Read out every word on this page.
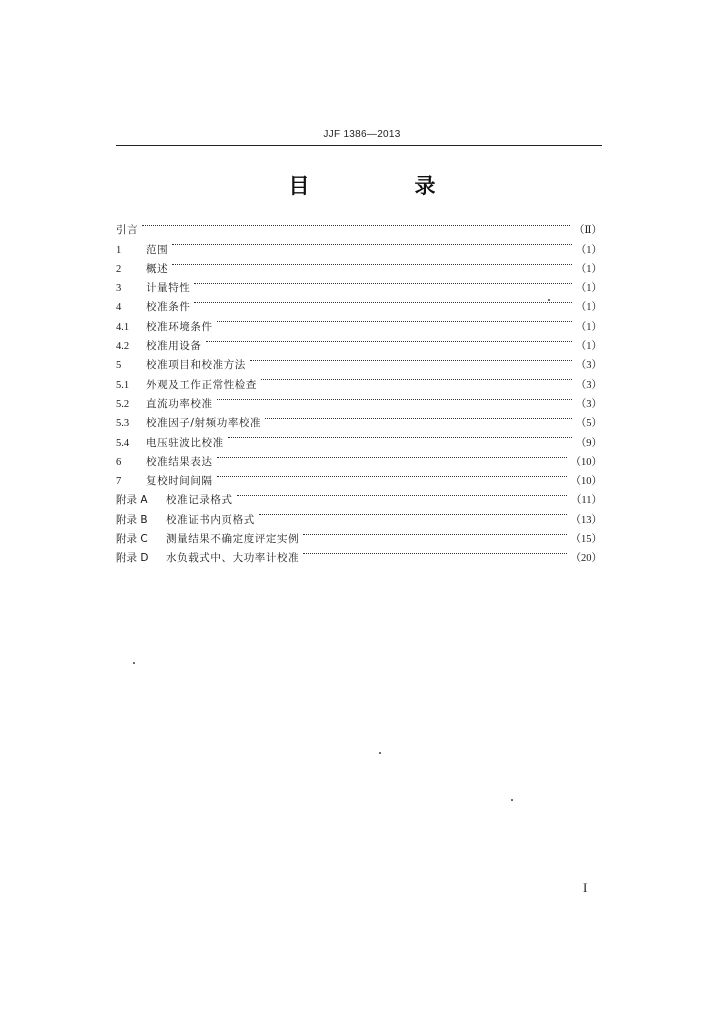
JJF 1386—2013
目　录
引言	（Ⅱ）
1	范围	（1）
2	概述	（1）
3	计量特性	（1）
4	校准条件	（1）
4.1	校准环境条件	（1）
4.2	校准用设备	（1）
5	校准项目和校准方法	（3）
5.1	外观及工作正常性检查	（3）
5.2	直流功率校准	（3）
5.3	校准因子/射频功率校准	（5）
5.4	电压驻波比校准	（9）
6	校准结果表达	（10）
7	复校时间间隔	（10）
附录 A	校准记录格式	（11）
附录 B	校准证书内页格式	（13）
附录 C	测量结果不确定度评定实例	（15）
附录 D	水负载式中、大功率计校准	（20）
I
